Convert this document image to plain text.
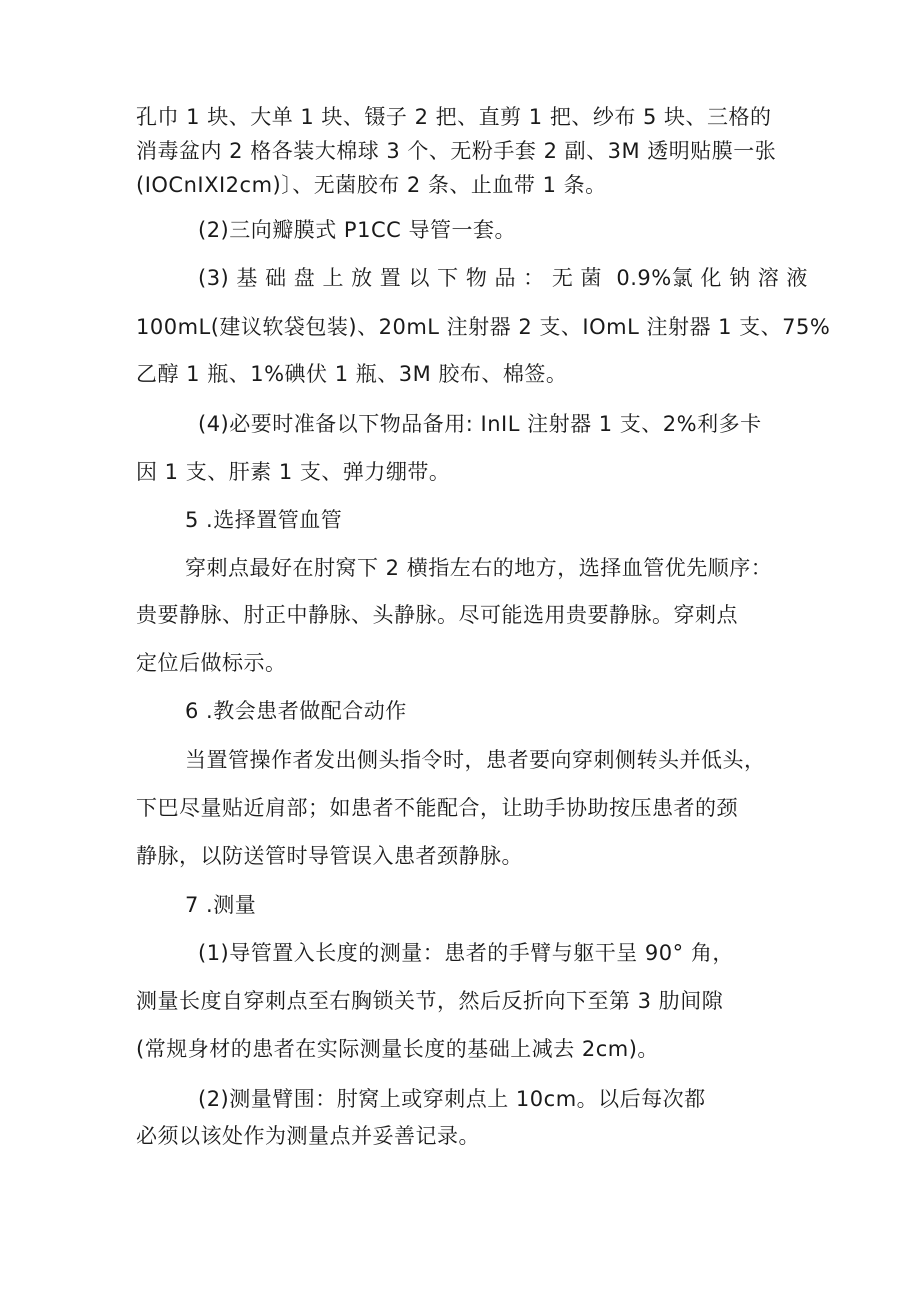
孔巾 1 块、大单 1 块、镊子 2 把、直剪 1 把、纱布 5 块、三格的
消毒盆内 2 格各装大棉球 3 个、无粉手套 2 副、3M 透明贴膜一张
(IOCnIXI2cm)〕、无菌胶布 2 条、止血带 1 条。
(2)三向瓣膜式 P1CC 导管一套。
(3) 基 础 盘 上 放 置 以 下 物 品 ： 无 菌  0.9%氯 化 钠 溶 液
100mL(建议软袋包装)、20mL 注射器 2 支、IOmL 注射器 1 支、75%
乙醇 1 瓶、1%碘伏 1 瓶、3M 胶布、棉签。
(4)必要时准备以下物品备用: InIL 注射器 1 支、2%利多卡
因 1 支、肝素 1 支、弹力绷带。
5 .选择置管血管
穿刺点最好在肘窝下 2 横指左右的地方，选择血管优先顺序：
贵要静脉、肘正中静脉、头静脉。尽可能选用贵要静脉。穿刺点
定位后做标示。
6 .教会患者做配合动作
当置管操作者发出侧头指令时，患者要向穿刺侧转头并低头，
下巴尽量贴近肩部；如患者不能配合，让助手协助按压患者的颈
静脉，以防送管时导管误入患者颈静脉。
7 .测量
(1)导管置入长度的测量：患者的手臂与躯干呈 90° 角，
测量长度自穿刺点至右胸锁关节，然后反折向下至第 3 肋间隙
(常规身材的患者在实际测量长度的基础上减去 2cm)。
(2)测量臂围：肘窝上或穿刺点上 10cm。以后每次都
必须以该处作为测量点并妥善记录。
